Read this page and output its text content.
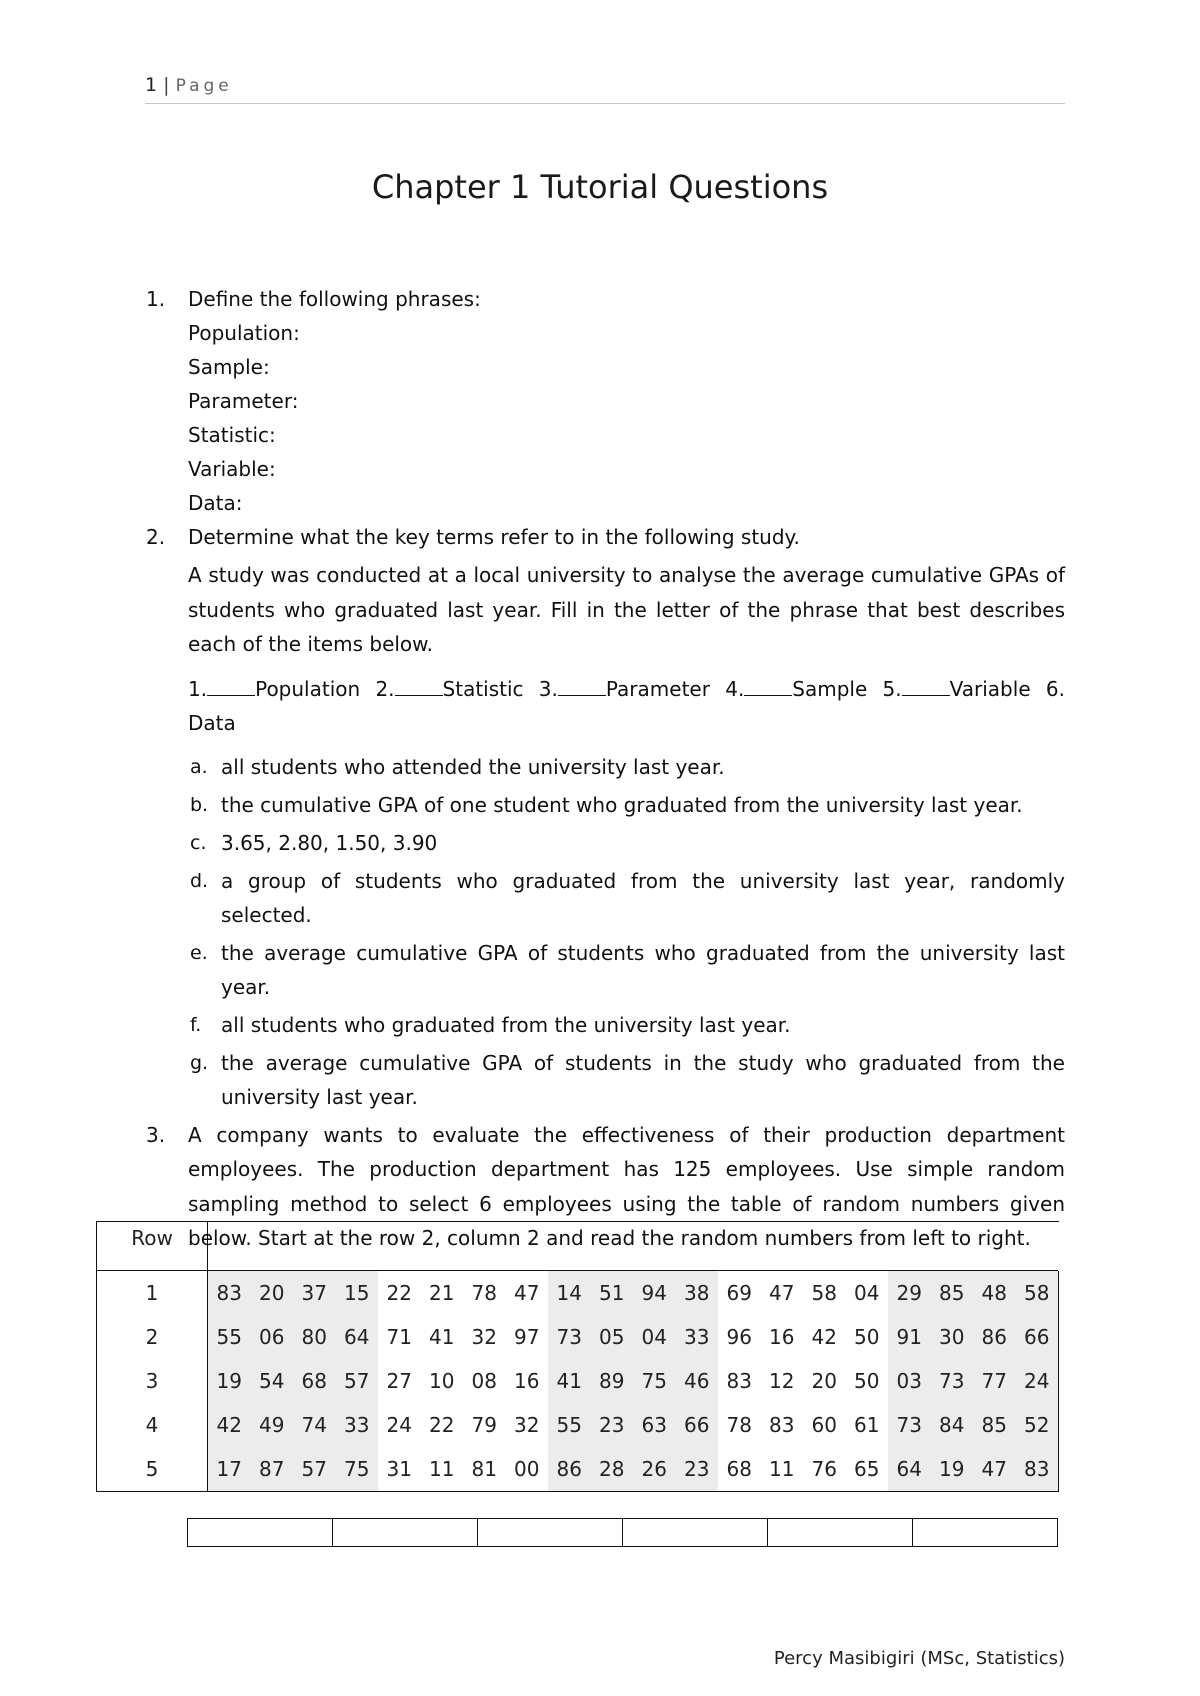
1 | Page
Chapter 1 Tutorial Questions
1. Define the following phrases:
Population:
Sample:
Parameter:
Statistic:
Variable:
Data:
2. Determine what the key terms refer to in the following study.
A study was conducted at a local university to analyse the average cumulative GPAs of students who graduated last year. Fill in the letter of the phrase that best describes each of the items below.
1. Population 2. Statistic 3. Parameter 4. Sample 5. Variable 6. Data
a. all students who attended the university last year.
b. the cumulative GPA of one student who graduated from the university last year.
c. 3.65, 2.80, 1.50, 3.90
d. a group of students who graduated from the university last year, randomly selected.
e. the average cumulative GPA of students who graduated from the university last year.
f. all students who graduated from the university last year.
g. the average cumulative GPA of students in the study who graduated from the university last year.
3. A company wants to evaluate the effectiveness of their production department employees. The production department has 125 employees. Use simple random sampling method to select 6 employees using the table of random numbers given below. Start at the row 2, column 2 and read the random numbers from left to right.
Row																				
1	83	20	37	15	22	21	78	47	14	51	94	38	69	47	58	04	29	85	48	58
2	55	06	80	64	71	41	32	97	73	05	04	33	96	16	42	50	91	30	86	66
3	19	54	68	57	27	10	08	16	41	89	75	46	83	12	20	50	03	73	77	24
4	42	49	74	33	24	22	79	32	55	23	63	66	78	83	60	61	73	84	85	52
5	17	87	57	75	31	11	81	00	86	28	26	23	68	11	76	65	64	19	47	83

Percy Masibigiri (MSc, Statistics)
